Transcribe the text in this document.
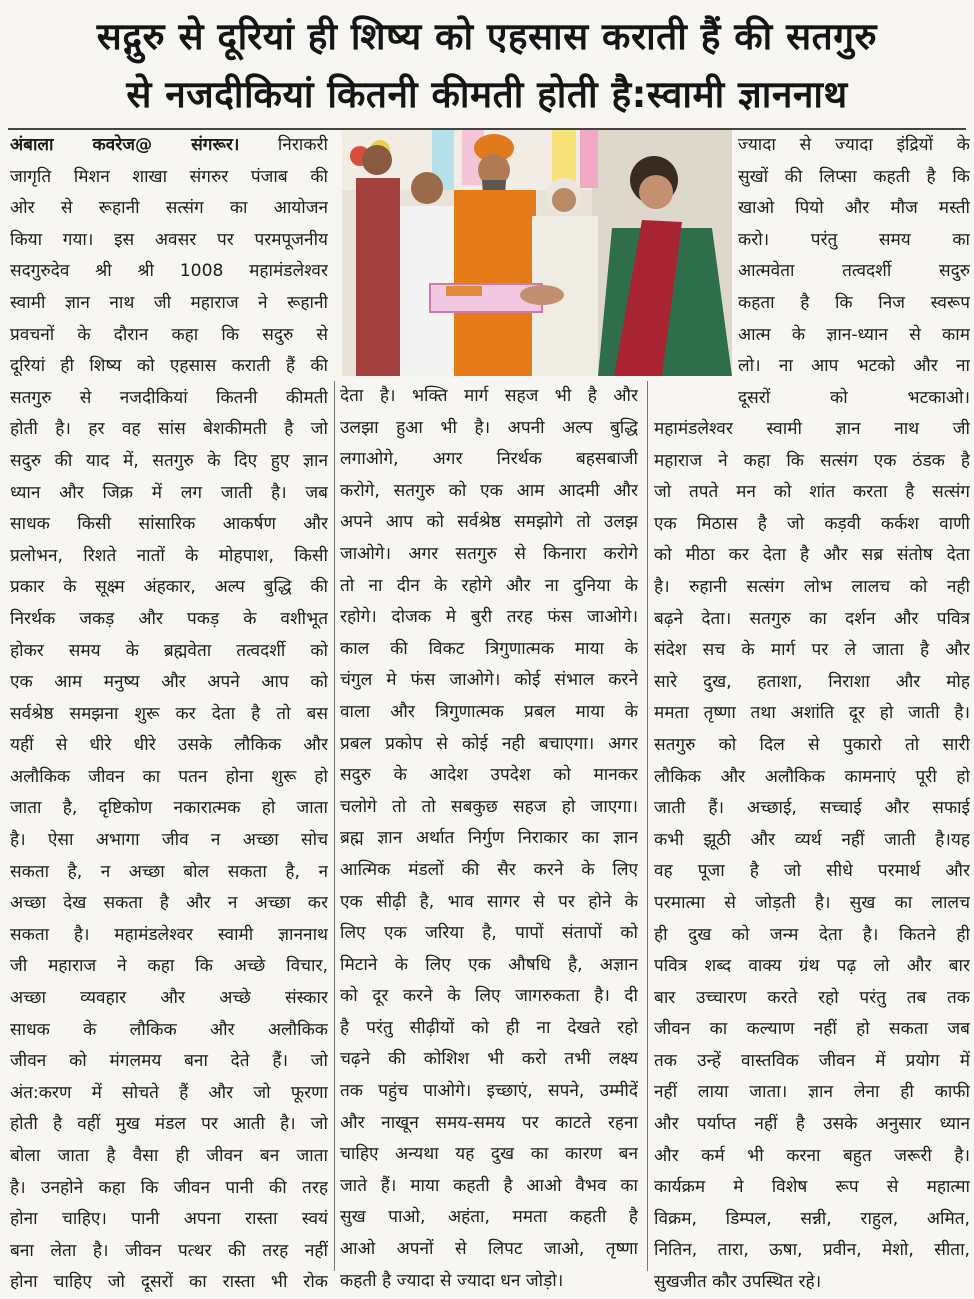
सद्गुरु से दूरियां ही शिष्य को एहसास कराती हैं की सतगुरु
से नजदीकियां कितनी कीमती होती है:स्वामी ज्ञाननाथ
अंबाला कवरेज@ संगरूर। निराकरी
जागृति मिशन शाखा संगरुर पंजाब की
ओर से रूहानी सत्संग का आयोजन
किया गया। इस अवसर पर परमपूजनीय
सदगुरुदेव श्री श्री 1008 महामंडलेश्वर
स्वामी ज्ञान नाथ जी महाराज ने रूहानी
प्रवचनों के दौरान कहा कि सदुरु से
दूरियां ही शिष्य को एहसास कराती हैं की
सतगुरु से नजदीकियां कितनी कीमती
होती है। हर वह सांस बेशकीमती है जो
सदुरु की याद में, सतगुरु के दिए हुए ज्ञान
ध्यान और जिक्र में लग जाती है। जब
साधक किसी सांसारिक आकर्षण और
प्रलोभन, रिशते नातों के मोहपाश, किसी
प्रकार के सूक्ष्म अंहकार, अल्प बुद्धि की
निरर्थक जकड़ और पकड़ के वशीभूत
होकर समय के ब्रह्मवेता तत्वदर्शी को
एक आम मनुष्य और अपने आप को
सर्वश्रेष्ठ समझना शुरू कर देता है तो बस
यहीं से धीरे धीरे उसके लौकिक और
अलौकिक जीवन का पतन होना शुरू हो
जाता है, दृष्टिकोण नकारात्मक हो जाता
है। ऐसा अभागा जीव न अच्छा सोच
सकता है, न अच्छा बोल सकता है, न
अच्छा देख सकता है और न अच्छा कर
सकता है। महामंडलेश्वर स्वामी ज्ञाननाथ
जी महाराज ने कहा कि अच्छे विचार,
अच्छा व्यवहार और अच्छे संस्कार
साधक के लौकिक और अलौकिक
जीवन को मंगलमय बना देते हैं। जो
अंत:करण में सोचते हैं और जो फूरणा
होती है वहीं मुख मंडल पर आती है। जो
बोला जाता है वैसा ही जीवन बन जाता
है। उनहोने कहा कि जीवन पानी की तरह
होना चाहिए। पानी अपना रास्ता स्वयं
बना लेता है। जीवन पत्थर की तरह नहीं
होना चाहिए जो दूसरों का रास्ता भी रोक
देता है। भक्ति मार्ग सहज भी है और
उलझा हुआ भी है। अपनी अल्प बुद्धि
लगाओगे, अगर निरर्थक बहसबाजी
करोगे, सतगुरु को एक आम आदमी और
अपने आप को सर्वश्रेष्ठ समझोगे तो उलझ
जाओगे। अगर सतगुरु से किनारा करोगे
तो ना दीन के रहोगे और ना दुनिया के
रहोगे। दोजक मे बुरी तरह फंस जाओगे।
काल की विकट त्रिगुणात्मक माया के
चंगुल मे फंस जाओगे। कोई संभाल करने
वाला और त्रिगुणात्मक प्रबल माया के
प्रबल प्रकोप से कोई नही बचाएगा। अगर
सदुरु के आदेश उपदेश को मानकर
चलोगे तो तो सबकुछ सहज हो जाएगा।
ब्रह्म ज्ञान अर्थात निर्गुण निराकार का ज्ञान
आत्मिक मंडलों की सैर करने के लिए
एक सीढ़ी है, भाव सागर से पर होने के
लिए एक जरिया है, पापों संतापों को
मिटाने के लिए एक औषधि है, अज्ञान
को दूर करने के लिए जागरुकता है। दी
है परंतु सीढ़ीयों को ही ना देखते रहो
चढ़ने की कोशिश भी करो तभी लक्ष्य
तक पहुंच पाओगे। इच्छाएं, सपने, उम्मीदें
और नाखून समय-समय पर काटते रहना
चाहिए अन्यथा यह दुख का कारण बन
जाते हैं। माया कहती है आओ वैभव का
सुख पाओ, अहंता, ममता कहती है
आओ अपनों से लिपट जाओ, तृष्णा
कहती है ज्यादा से ज्यादा धन जोड़ो।
ज्यादा से ज्यादा इंद्रियों के
सुखों की लिप्सा कहती है कि
खाओ पियो और मौज मस्ती
करो। परंतु समय का
आत्मवेता तत्वदर्शी सदुरु
कहता है कि निज स्वरूप
आत्म के ज्ञान-ध्यान से काम
लो। ना आप भटको और ना
दूसरों को भटकाओ।
महामंडलेश्वर स्वामी ज्ञान नाथ जी
महाराज ने कहा कि सत्संग एक ठंडक है
जो तपते मन को शांत करता है सत्संग
एक मिठास है जो कड़वी कर्कश वाणी
को मीठा कर देता है और सब्र संतोष देता
है। रुहानी सत्संग लोभ लालच को नही
बढ़ने देता। सतगुरु का दर्शन और पवित्र
संदेश सच के मार्ग पर ले जाता है और
सारे दुख, हताशा, निराशा और मोह
ममता तृष्णा तथा अशांति दूर हो जाती है।
सतगुरु को दिल से पुकारो तो सारी
लौकिक और अलौकिक कामनाएं पूरी हो
जाती हैं। अच्छाई, सच्चाई और सफाई
कभी झूठी और व्यर्थ नहीं जाती है।यह
वह पूजा है जो सीधे परमार्थ और
परमात्मा से जोड़ती है। सुख का लालच
ही दुख को जन्म देता है। कितने ही
पवित्र शब्द वाक्य ग्रंथ पढ़ लो और बार
बार उच्चारण करते रहो परंतु तब तक
जीवन का कल्याण नहीं हो सकता जब
तक उन्हें वास्तविक जीवन में प्रयोग में
नहीं लाया जाता। ज्ञान लेना ही काफी
और पर्याप्त नहीं है उसके अनुसार ध्यान
और कर्म भी करना बहुत जरूरी है।
कार्यक्रम मे विशेष रूप से महात्मा
विक्रम, डिम्पल, सन्नी, राहुल, अमित,
नितिन, तारा, ऊषा, प्रवीन, मेशो, सीता,
सुखजीत कौर उपस्थित रहे।
